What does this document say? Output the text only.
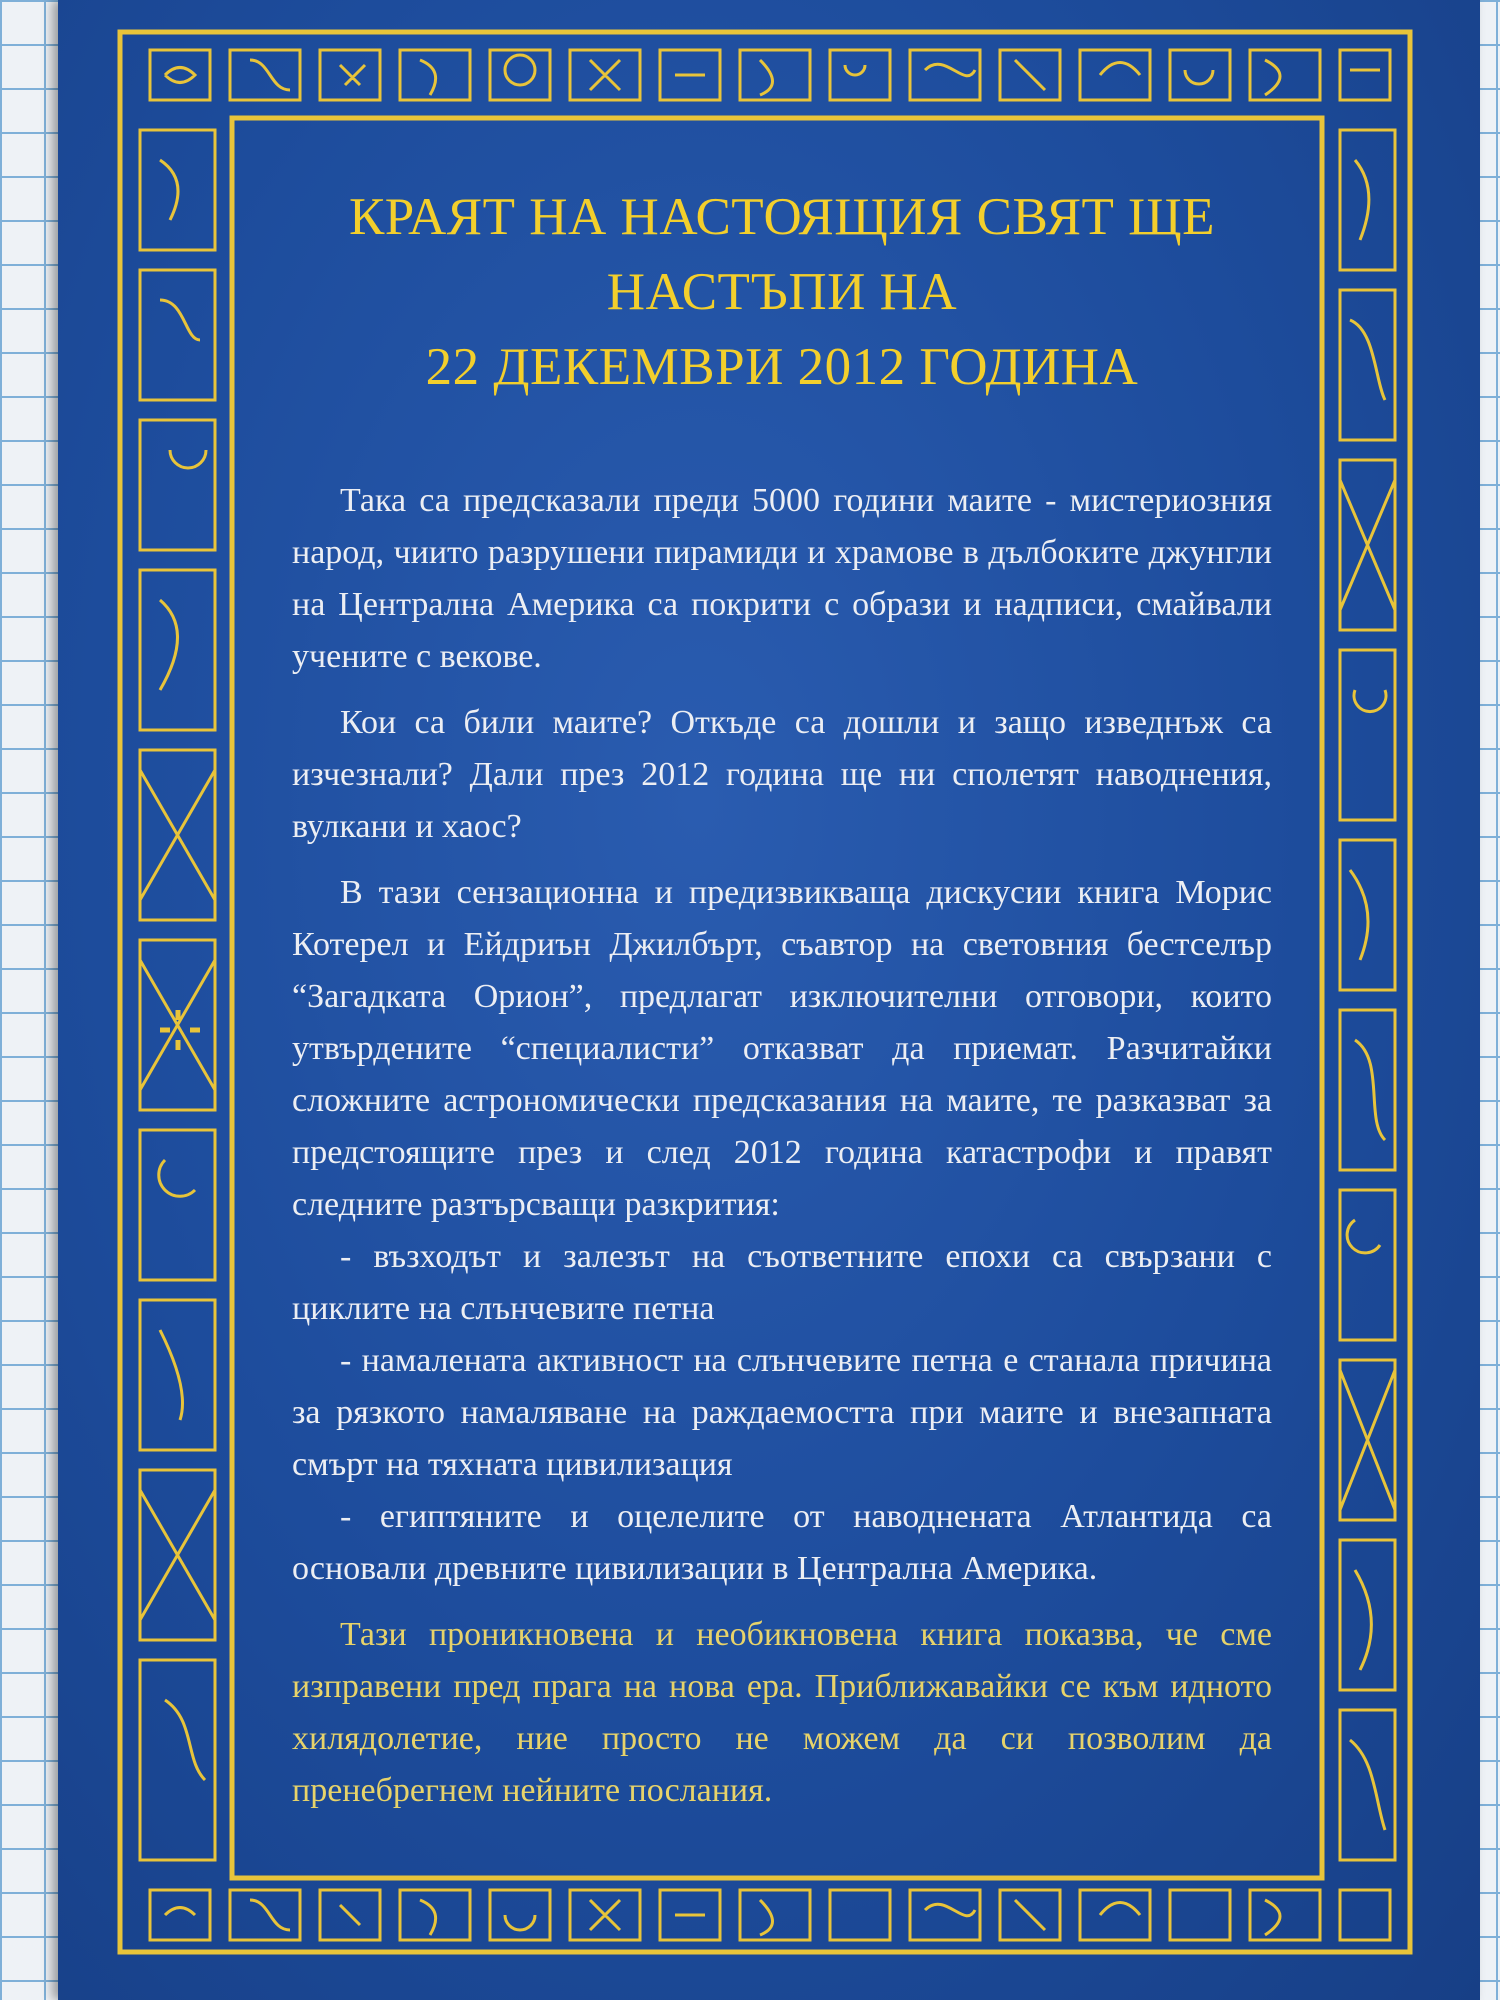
КРАЯТ НА НАСТОЯЩИЯ СВЯТ ЩЕ
НАСТЪПИ НА
22 ДЕКЕМВРИ 2012 ГОДИНА

Така са предсказали преди 5000 години маите - мистериозния народ, чиито разрушени пирамиди и храмове в дълбоките джунгли на Централна Америка са покрити с образи и надписи, смайвали учените с векове.

Кои са били маите? Откъде са дошли и защо изведнъж са изчезнали? Дали през 2012 година ще ни сполетят наводнения, вулкани и хаос?

В тази сензационна и предизвикваща дискусии книга Морис Котерел и Ейдриън Джилбърт, съавтор на световния бестселър “Загадката Орион”, предлагат изключителни отговори, които утвърдените “специалисти” отказват да приемат. Разчитайки сложните астрономически предсказания на маите, те разказват за предстоящите през и след 2012 година катастрофи и правят следните разтърсващи разкрития:

- възходът и залезът на съответните епохи са свързани с циклите на слънчевите петна

- намалената активност на слънчевите петна е станала причина за рязкото намаляване на раждаемостта при маите и внезапната смърт на тяхната цивилизация

- египтяните и оцелелите от наводнената Атлантида са основали древните цивилизации в Централна Америка.

Тази проникновена и необикновена книга показва, че сме изправени пред прага на нова ера. Приближавайки се към идното хилядолетие, ние просто не можем да си позволим да пренебрегнем нейните послания.
